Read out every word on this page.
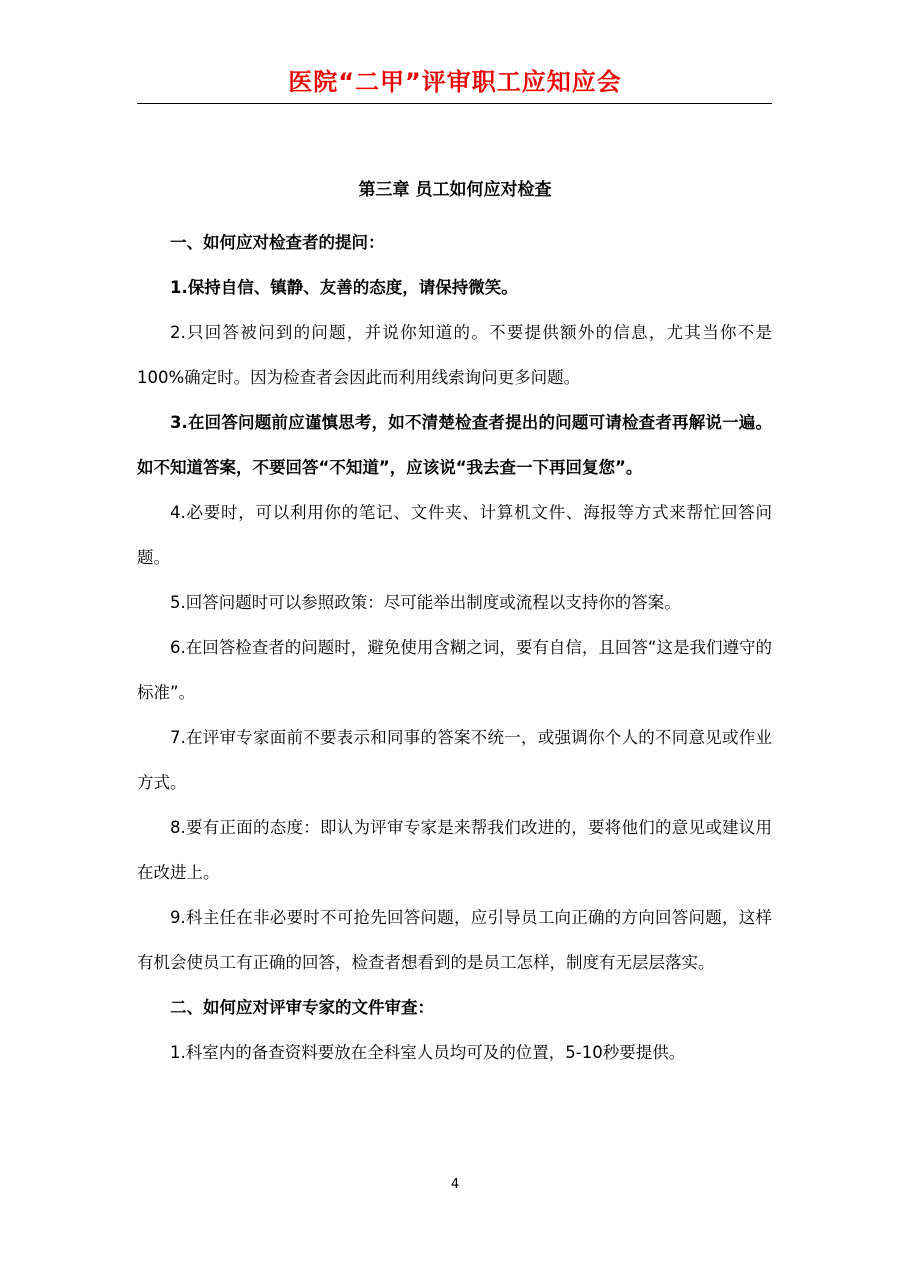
医院“二甲”评审职工应知应会
第三章 员工如何应对检查

一、如何应对检查者的提问：

1.保持自信、镇静、友善的态度，请保持微笑。

2.只回答被问到的问题，并说你知道的。不要提供额外的信息，尤其当你不是100%确定时。因为检查者会因此而利用线索询问更多问题。

3.在回答问题前应谨慎思考，如不清楚检查者提出的问题可请检查者再解说一遍。如不知道答案，不要回答“不知道”，应该说“我去查一下再回复您”。

4.必要时，可以利用你的笔记、文件夹、计算机文件、海报等方式来帮忙回答问题。

5.回答问题时可以参照政策：尽可能举出制度或流程以支持你的答案。

6.在回答检查者的问题时，避免使用含糊之词，要有自信，且回答“这是我们遵守的标准”。

7.在评审专家面前不要表示和同事的答案不统一，或强调你个人的不同意见或作业方式。

8.要有正面的态度：即认为评审专家是来帮我们改进的，要将他们的意见或建议用在改进上。

9.科主任在非必要时不可抢先回答问题，应引导员工向正确的方向回答问题，这样有机会使员工有正确的回答，检查者想看到的是员工怎样，制度有无层层落实。

二、如何应对评审专家的文件审查：

1.科室内的备查资料要放在全科室人员均可及的位置，5-10秒要提供。

4
